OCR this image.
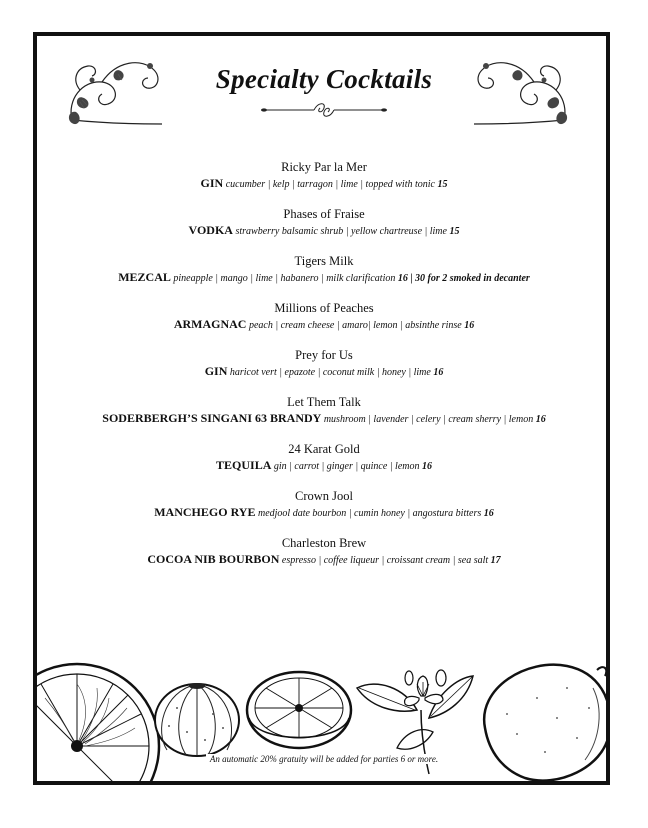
Specialty Cocktails
Ricky Par la Mer
GIN cucumber | kelp | tarragon | lime | topped with tonic 15
Phases of Fraise
VODKA strawberry balsamic shrub | yellow chartreuse | lime 15
Tigers Milk
MEZCAL pineapple | mango | lime | habanero | milk clarification 16 | 30 for 2 smoked in decanter
Millions of Peaches
ARMAGNAC peach | cream cheese | amaro| lemon | absinthe rinse 16
Prey for Us
GIN haricot vert | epazote | coconut milk | honey | lime 16
Let Them Talk
SODERBERGH’S SINGANI 63 BRANDY mushroom | lavender | celery | cream sherry | lemon 16
24 Karat Gold
TEQUILA gin | carrot | ginger | quince | lemon 16
Crown Jool
MANCHEGO RYE medjool date bourbon | cumin honey | angostura bitters 16
Charleston Brew
COCOA NIB BOURBON espresso | coffee liqueur | croissant cream | sea salt 17
An automatic 20% gratuity will be added for parties 6 or more.
